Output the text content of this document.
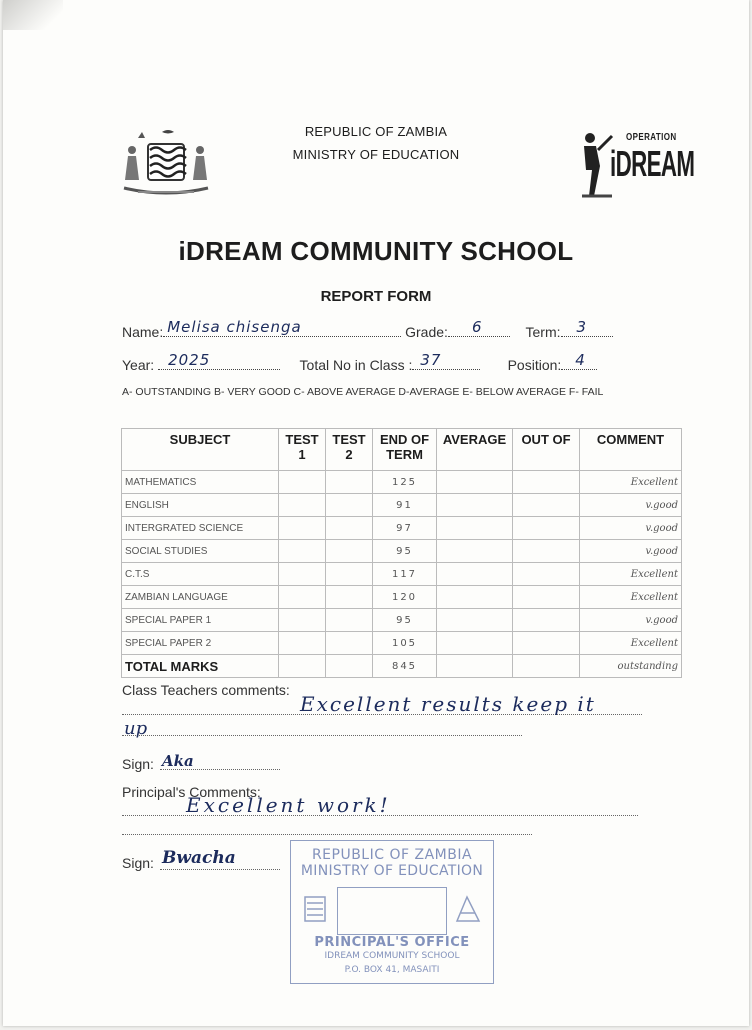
REPUBLIC OF ZAMBIA
MINISTRY OF EDUCATION
OPERATION
iDREAM
iDREAM COMMUNITY SCHOOL
REPORT FORM
Name: Melisa chisenga	Grade: 6	Term: 3
Year: 2025	Total No in Class : 37	Position: 4
A- OUTSTANDING B- VERY GOOD C- ABOVE AVERAGE D-AVERAGE E- BELOW AVERAGE F- FAIL
SUBJECT	TEST 1	TEST 2	END OF TERM	AVERAGE	OUT OF	COMMENT
MATHEMATICS			125			Excellent
ENGLISH			91			v.good
INTERGRATED SCIENCE			97			v.good
SOCIAL STUDIES			95			v.good
C.T.S			117			Excellent
ZAMBIAN LANGUAGE			120			Excellent
SPECIAL PAPER 1			95			v.good
SPECIAL PAPER 2			105			Excellent
TOTAL MARKS			845			outstanding
Class Teachers comments:
Excellent results keep it
up
Sign: Aka
Principal's Comments:
Excellent work!
Sign: Bwacha	REPUBLIC OF ZAMBIA
MINISTRY OF EDUCATION
PRINCIPAL'S OFFICE
IDREAM COMMUNITY SCHOOL
P.O. BOX 41, MASAITI
